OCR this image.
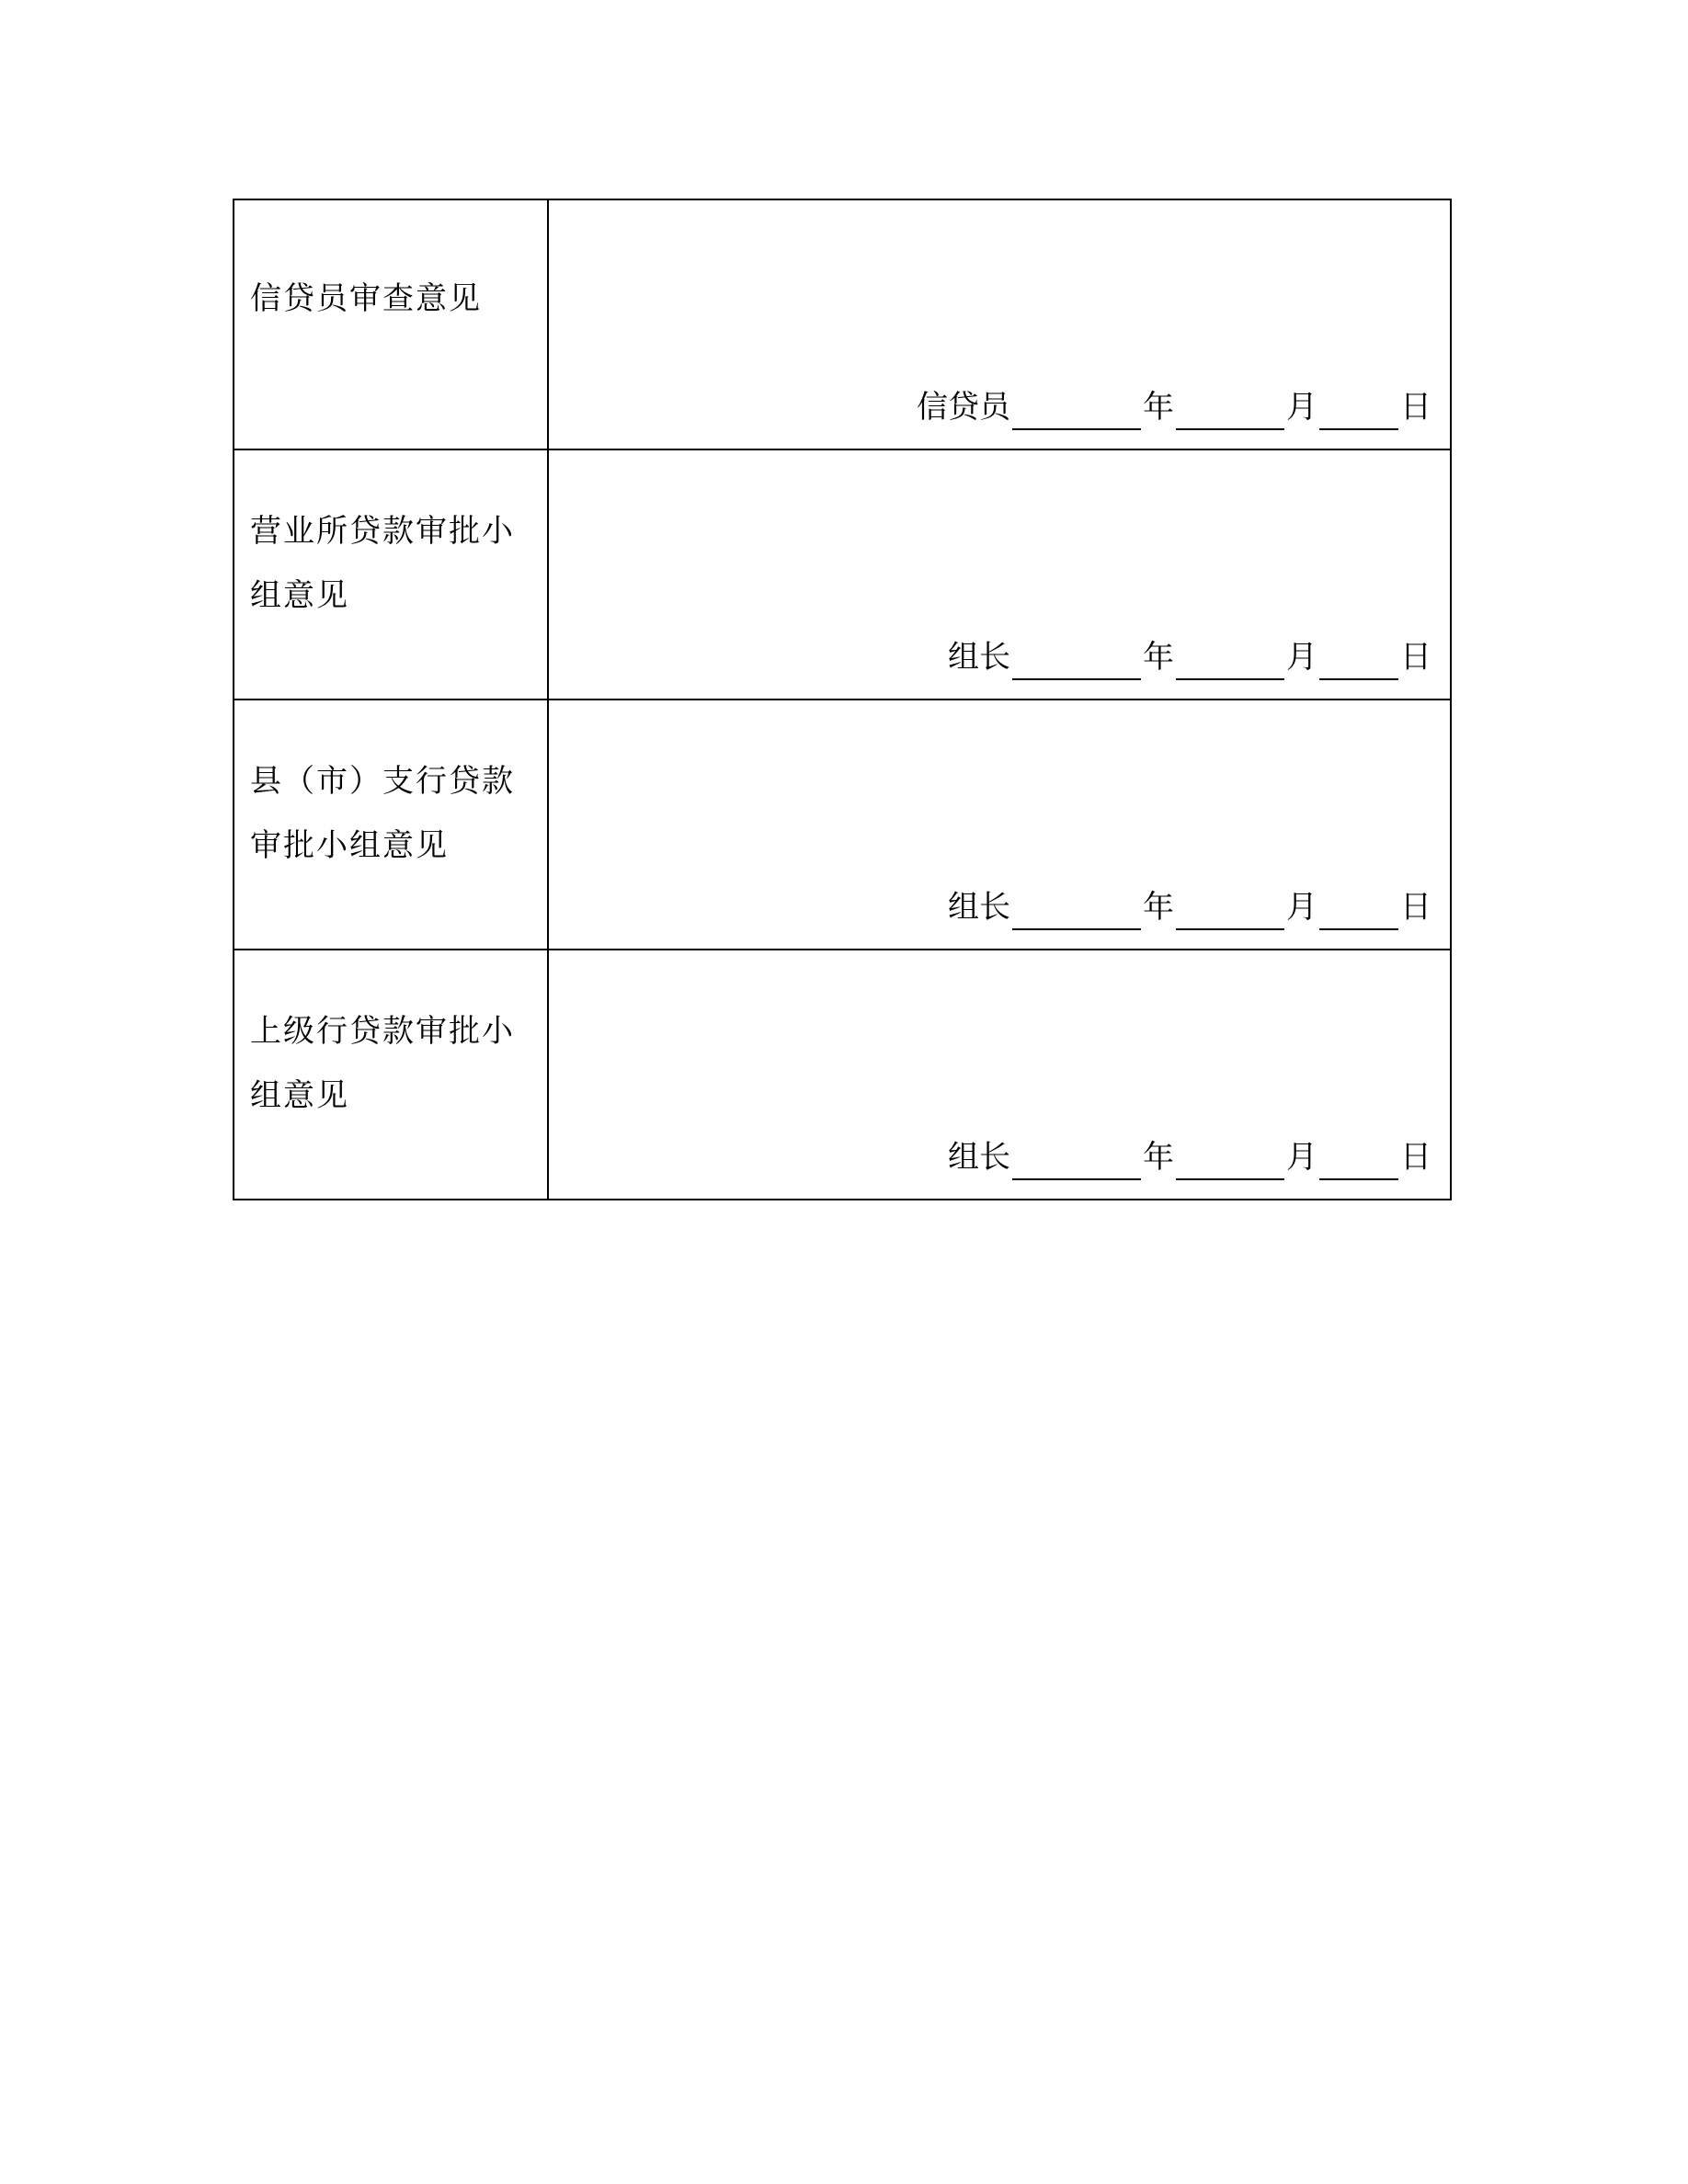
信贷员审查意见	信贷员 年 月 日

营业所贷款审批小组意见	组长 年 月 日

县（市）支行贷款审批小组意见	组长 年 月 日

上级行贷款审批小组意见	组长 年 月 日
